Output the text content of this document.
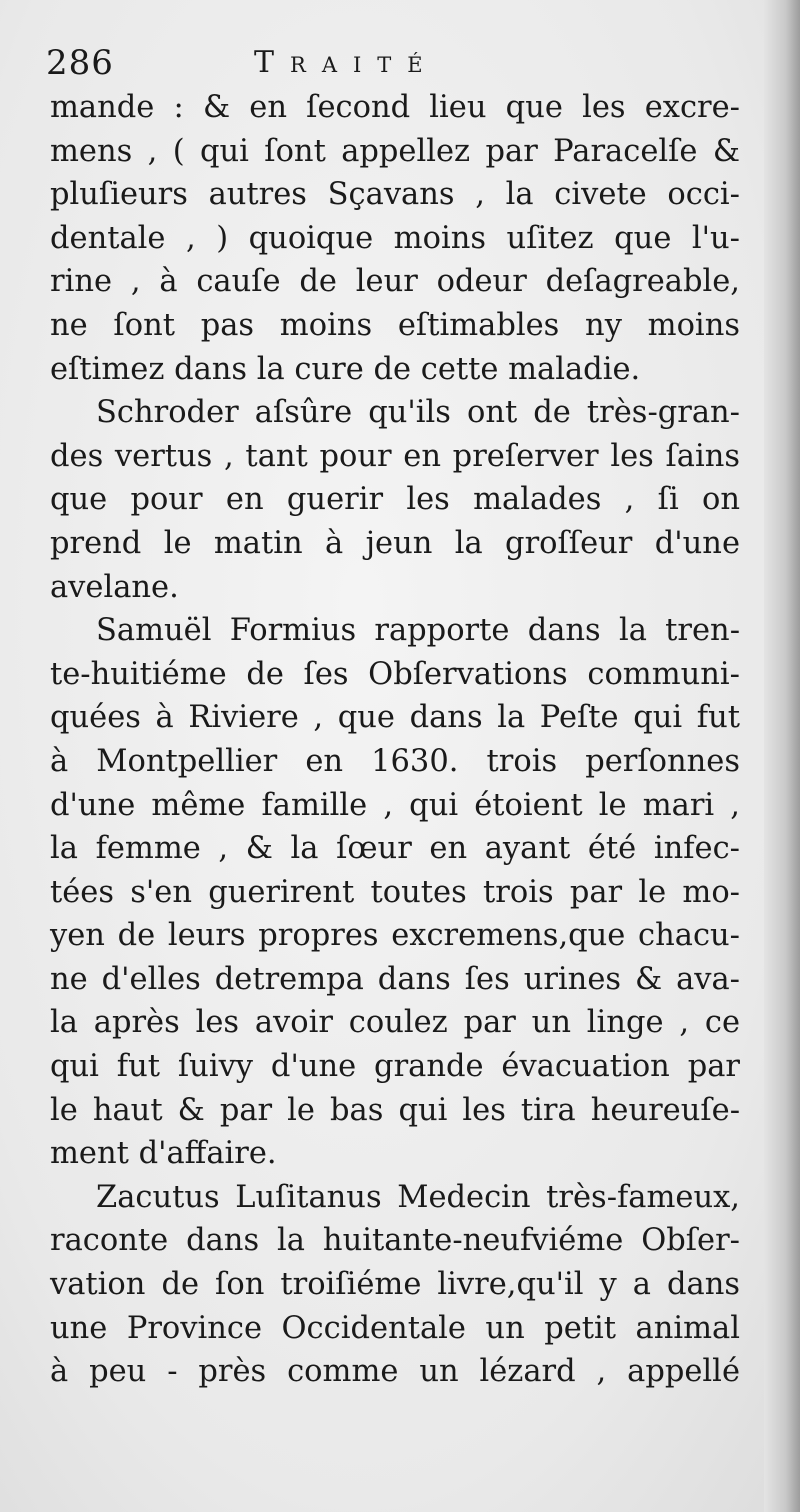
286	Traité
mande : & en ſecond lieu que les excre-
mens , ( qui ſont appellez par Paracelſe &
pluſieurs autres Sçavans , la civete occi-
dentale , ) quoique moins uſitez que l'u-
rine , à cauſe de leur odeur deſagreable,
ne ſont pas moins eſtimables ny moins
eſtimez dans la cure de cette maladie.
Schroder aſsûre qu'ils ont de très-gran-
des vertus , tant pour en preſerver les ſains
que pour en guerir les malades , ſi on
prend le matin à jeun la groſſeur d'une
avelane.
Samuël Formius rapporte dans la tren-
te-huitiéme de ſes Obſervations communi-
quées à Riviere , que dans la Peſte qui fut
à Montpellier en 1630. trois perſonnes
d'une même famille , qui étoient le mari ,
la femme , & la ſœur en ayant été infec-
tées s'en guerirent toutes trois par le mo-
yen de leurs propres excremens,que chacu-
ne d'elles detrempa dans ſes urines & ava-
la après les avoir coulez par un linge , ce
qui fut ſuivy d'une grande évacuation par
le haut & par le bas qui les tira heureuſe-
ment d'affaire.
Zacutus Luſitanus Medecin très-fameux,
raconte dans la huitante-neufviéme Obſer-
vation de ſon troiſiéme livre,qu'il y a dans
une Province Occidentale un petit animal
à peu - près comme un lézard , appellé
